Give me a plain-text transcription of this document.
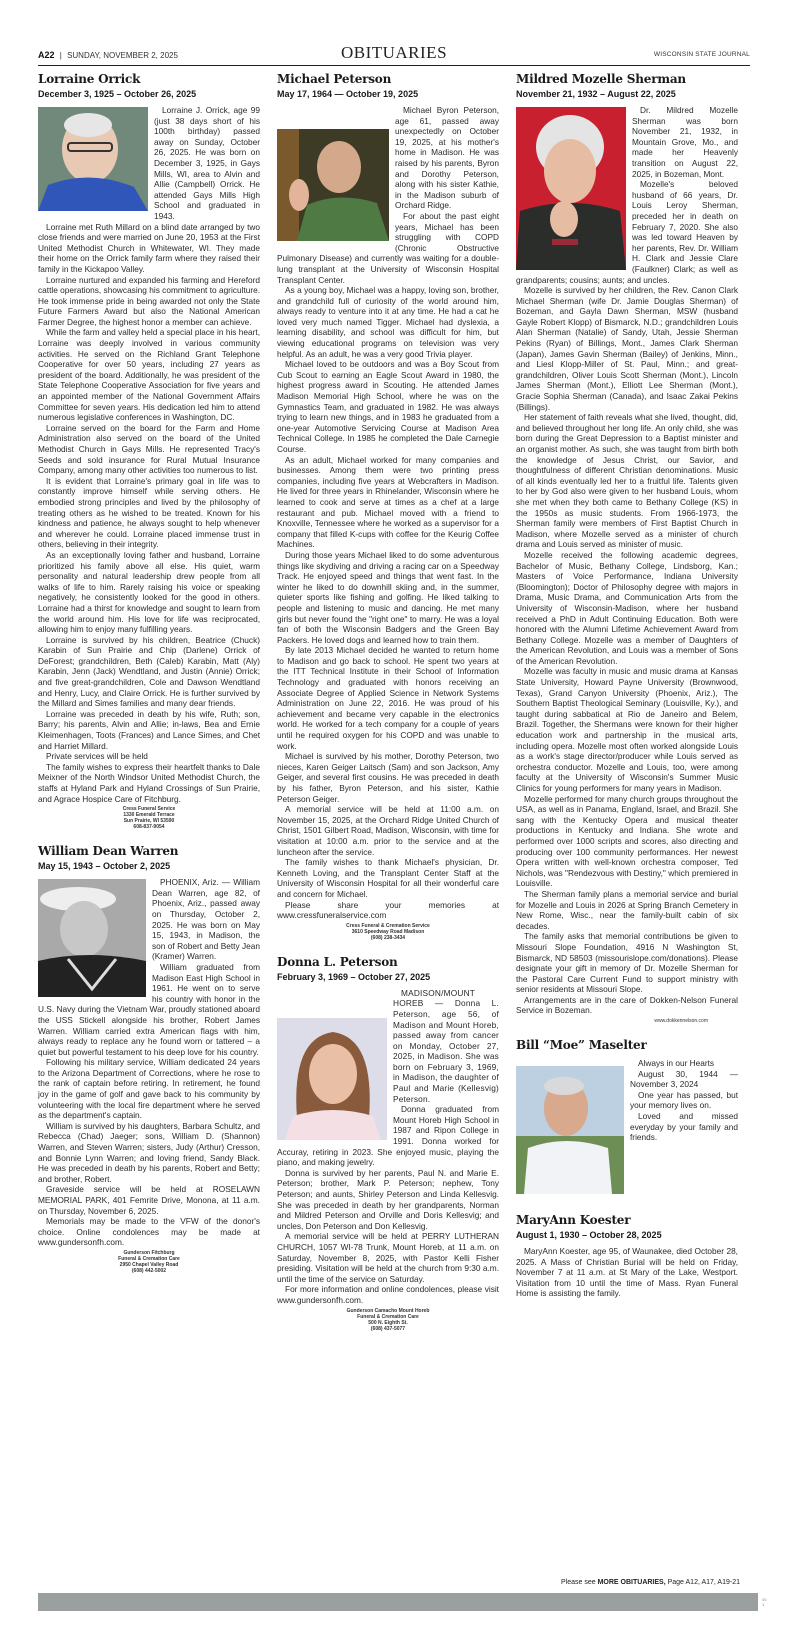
A22 | SUNDAY, NOVEMBER 2, 2025	OBITUARIES	WISCONSIN STATE JOURNAL
Lorraine Orrick
December 3, 1925 – October 26, 2025

Lorraine J. Orrick, age 99 (just 38 days short of his 100th birthday) passed away on Sunday, October 26, 2025. He was born on December 3, 1925, in Gays Mills, WI, area to Alvin and Allie (Campbell) Orrick. He attended Gays Mills High School and graduated in 1943.

Lorraine met Ruth Millard on a blind date arranged by two close friends and were married on June 20, 1953 at the First United Methodist Church in Whitewater, WI. They made their home on the Orrick family farm where they raised their family in the Kickapoo Valley.

Lorraine nurtured and expanded his farming and Hereford cattle operations, showcasing his commitment to agriculture. He took immense pride in being awarded not only the State Future Farmers Award but also the National American Farmer Degree, the highest honor a member can achieve.

While the farm and valley held a special place in his heart, Lorraine was deeply involved in various community activities. He served on the Richland Grant Telephone Cooperative for over 50 years, including 27 years as president of the board. Additionally, he was president of the State Telephone Cooperative Association for five years and an appointed member of the National Government Affairs Committee for seven years. His dedication led him to attend numerous legislative conferences in Washington, DC.

Lorraine served on the board for the Farm and Home Administration also served on the board of the United Methodist Church in Gays Mills. He represented Tracy's Seeds and sold insurance for Rural Mutual Insurance Company, among many other activities too numerous to list.

It is evident that Lorraine's primary goal in life was to constantly improve himself while serving others. He embodied strong principles and lived by the philosophy of treating others as he wished to be treated. Known for his kindness and patience, he always sought to help whenever and wherever he could. Lorraine placed immense trust in others, believing in their integrity.

As an exceptionally loving father and husband, Lorraine prioritized his family above all else. His quiet, warm personality and natural leadership drew people from all walks of life to him. Rarely raising his voice or speaking negatively, he consistently looked for the good in others. Lorraine had a thirst for knowledge and sought to learn from the world around him. His love for life was reciprocated, allowing him to enjoy many fulfilling years.

Lorraine is survived by his children, Beatrice (Chuck) Karabin of Sun Prairie and Chip (Darlene) Orrick of DeForest; grandchildren, Beth (Caleb) Karabin, Matt (Aly) Karabin, Jenn (Jack) Wendtland, and Justin (Annie) Orrick; and five great-grandchildren, Cole and Dawson Wendtland and Henry, Lucy, and Claire Orrick. He is further survived by the Millard and Simes families and many dear friends.

Lorraine was preceded in death by his wife, Ruth; son, Barry; his parents, Alvin and Allie; in-laws, Bea and Ernie Kleimenhagen, Toots (Frances) and Lance Simes, and Chet and Harriet Millard.

Private services will be held

The family wishes to express their heartfelt thanks to Dale Meixner of the North Windsor United Methodist Church, the staffs at Hyland Park and Hyland Crossings of Sun Prairie, and Agrace Hospice Care of Fitchburg.

Cress Funeral Service
1330 Emerald Terrace
Sun Prairie, WI 53590
608-837-9054
William Dean Warren
May 15, 1943 – October 2, 2025

PHOENIX, Ariz. — William Dean Warren, age 82, of Phoenix, Ariz., passed away on Thursday, October 2, 2025. He was born on May 15, 1943, in Madison, the son of Robert and Betty Jean (Kramer) Warren.

William graduated from Madison East High School in 1961. He went on to serve his country with honor in the U.S. Navy during the Vietnam War, proudly stationed aboard the USS Stickell alongside his brother, Robert James Warren. William carried extra American flags with him, always ready to replace any he found worn or tattered – a quiet but powerful testament to his deep love for his country.

Following his military service, William dedicated 24 years to the Arizona Department of Corrections, where he rose to the rank of captain before retiring. In retirement, he found joy in the game of golf and gave back to his community by volunteering with the local fire department where he served as the department's captain.

William is survived by his daughters, Barbara Schultz, and Rebecca (Chad) Jaeger; sons, William D. (Shannon) Warren, and Steven Warren; sisters, Judy (Arthur) Cresson, and Bonnie Lynn Warren; and loving friend, Sandy Black. He was preceded in death by his parents, Robert and Betty; and brother, Robert.

Graveside service will be held at ROSELAWN MEMORIAL PARK, 401 Femrite Drive, Monona, at 11 a.m. on Thursday, November 6, 2025.

Memorials may be made to the VFW of the donor's choice. Online condolences may be made at www.gundersonfh.com.

Gunderson Fitchburg
Funeral & Cremation Care
2950 Chapel Valley Road
(608) 442-5002
Michael Peterson
May 17, 1964 — October 19, 2025

Michael Byron Peterson, age 61, passed away unexpectedly on October 19, 2025, at his mother's home in Madison. He was raised by his parents, Byron and Dorothy Peterson, along with his sister Kathie, in the Madison suburb of Orchard Ridge.

For about the past eight years, Michael has been struggling with COPD (Chronic Obstructive Pulmonary Disease) and currently was waiting for a double-lung transplant at the University of Wisconsin Hospital Transplant Center.

As a young boy, Michael was a happy, loving son, brother, and grandchild full of curiosity of the world around him, always ready to venture into it at any time. He had a cat he loved very much named Tigger. Michael had dyslexia, a learning disability, and school was difficult for him, but viewing educational programs on television was very helpful. As an adult, he was a very good Trivia player.

Michael loved to be outdoors and was a Boy Scout from Cub Scout to earning an Eagle Scout Award in 1980, the highest progress award in Scouting. He attended James Madison Memorial High School, where he was on the Gymnastics Team, and graduated in 1982. He was always trying to learn new things, and in 1983 he graduated from a one-year Automotive Servicing Course at Madison Area Technical College. In 1985 he completed the Dale Carnegie Course.

As an adult, Michael worked for many companies and businesses. Among them were two printing press companies, including five years at Webcrafters in Madison. He lived for three years in Rhinelander, Wisconsin where he learned to cook and serve at times as a chef at a large restaurant and pub. Michael moved with a friend to Knoxville, Tennessee where he worked as a supervisor for a company that filled K-cups with coffee for the Keurig Coffee Machines.

During those years Michael liked to do some adventurous things like skydiving and driving a racing car on a Speedway Track. He enjoyed speed and things that went fast. In the winter he liked to do downhill skiing and, in the summer, quieter sports like fishing and golfing. He liked talking to people and listening to music and dancing. He met many girls but never found the "right one" to marry. He was a loyal fan of both the Wisconsin Badgers and the Green Bay Packers. He loved dogs and learned how to train them.

By late 2013 Michael decided he wanted to return home to Madison and go back to school. He spent two years at the ITT Technical Institute in their School of Information Technology and graduated with honors receiving an Associate Degree of Applied Science in Network Systems Administration on June 22, 2016. He was proud of his achievement and became very capable in the electronics world. He worked for a tech company for a couple of years until he required oxygen for his COPD and was unable to work.

Michael is survived by his mother, Dorothy Peterson, two nieces, Karen Geiger Laitsch (Sam) and son Jackson, Amy Geiger, and several first cousins. He was preceded in death by his father, Byron Peterson, and his sister, Kathie Peterson Geiger.

A memorial service will be held at 11:00 a.m. on November 15, 2025, at the Orchard Ridge United Church of Christ, 1501 Gilbert Road, Madison, Wisconsin, with time for visitation at 10:00 a.m. prior to the service and at the luncheon after the service.

The family wishes to thank Michael's physician, Dr. Kenneth Loving, and the Transplant Center Staff at the University of Wisconsin Hospital for all their wonderful care and concern for Michael.

Please share your memories at www.cressfuneralservice.com

Cress Funeral & Cremation Service
3610 Speedway Road Madison
(608) 238-3434
Donna L. Peterson
February 3, 1969 – October 27, 2025

MADISON/MOUNT HOREB — Donna L. Peterson, age 56, of Madison and Mount Horeb, passed away from cancer on Monday, October 27, 2025, in Madison. She was born on February 3, 1969, in Madison, the daughter of Paul and Marie (Kellesvig) Peterson.

Donna graduated from Mount Horeb High School in 1987 and Ripon College in 1991. Donna worked for Accuray, retiring in 2023. She enjoyed music, playing the piano, and making jewelry.

Donna is survived by her parents, Paul N. and Marie E. Peterson; brother, Mark P. Peterson; nephew, Tony Peterson; and aunts, Shirley Peterson and Linda Kellesvig. She was preceded in death by her grandparents, Norman and Mildred Peterson and Orville and Doris Kellesvig; and uncles, Don Peterson and Don Kellesvig.

A memorial service will be held at PERRY LUTHERAN CHURCH, 1057 WI-78 Trunk, Mount Horeb, at 11 a.m. on Saturday, November 8, 2025, with Pastor Kelli Fisher presiding. Visitation will be held at the church from 9:30 a.m. until the time of the service on Saturday.

For more information and online condolences, please visit www.gundersonfh.com.

Gunderson Camacho Mount Horeb
Funeral & Cremation Care
500 N. Eighth St.
(608) 437-5077
Mildred Mozelle Sherman
November 21, 1932 – August 22, 2025

Dr. Mildred Mozelle Sherman was born November 21, 1932, in Mountain Grove, Mo., and made her Heavenly transition on August 22, 2025, in Bozeman, Mont.

Mozelle's beloved husband of 66 years, Dr. Louis Leroy Sherman, preceded her in death on February 7, 2020. She also was led toward Heaven by her parents, Rev. Dr. William H. Clark and Jessie Clare (Faulkner) Clark; as well as grandparents; cousins; aunts; and uncles.

Mozelle is survived by her children, the Rev. Canon Clark Michael Sherman (wife Dr. Jamie Douglas Sherman) of Bozeman, and Gayla Dawn Sherman, MSW (husband Gayle Robert Klopp) of Bismarck, N.D.; grandchildren Louis Alan Sherman (Natalie) of Sandy, Utah, Jessie Sherman Pekins (Ryan) of Billings, Mont., James Clark Sherman (Japan), James Gavin Sherman (Bailey) of Jenkins, Minn., and Liesl Klopp-Miller of St. Paul, Minn.; and great-grandchildren, Oliver Louis Scott Sherman (Mont.), Lincoln James Sherman (Mont.), Elliott Lee Sherman (Mont.), Gracie Sophia Sherman (Canada), and Isaac Zakai Pekins (Billings).

Her statement of faith reveals what she lived, thought, did, and believed throughout her long life. An only child, she was born during the Great Depression to a Baptist minister and an organist mother. As such, she was taught from birth both the knowledge of Jesus Christ, our Savior, and thoughtfulness of different Christian denominations. Music of all kinds eventually led her to a fruitful life. Talents given to her by God also were given to her husband Louis, whom she met when they both came to Bethany College (KS) in the 1950s as music students. From 1966-1973, the Sherman family were members of First Baptist Church in Madison, where Mozelle served as a minister of church drama and Louis served as minister of music.

Mozelle received the following academic degrees, Bachelor of Music, Bethany College, Lindsborg, Kan.; Masters of Voice Performance, Indiana University (Bloomington); Doctor of Philosophy degree with majors in Drama, Music Drama, and Communication Arts from the University of Wisconsin-Madison, where her husband received a PhD in Adult Continuing Education. Both were honored with the Alumni Lifetime Achievement Award from Bethany College. Mozelle was a member of Daughters of the American Revolution, and Louis was a member of Sons of the American Revolution.

Mozelle was faculty in music and music drama at Kansas State University, Howard Payne University (Brownwood, Texas), Grand Canyon University (Phoenix, Ariz.), The Southern Baptist Theological Seminary (Louisville, Ky.), and taught during sabbatical at Rio de Janeiro and Belem, Brazil. Together, the Shermans were known for their higher education work and partnership in the musical arts, including opera. Mozelle most often worked alongside Louis as a work's stage director/producer while Louis served as orchestra conductor. Mozelle and Louis, too, were among faculty at the University of Wisconsin's Summer Music Clinics for young performers for many years in Madison.

Mozelle performed for many church groups throughout the USA, as well as in Panama, England, Israel, and Brazil. She sang with the Kentucky Opera and musical theater productions in Kentucky and Indiana. She wrote and performed over 1000 scripts and scores, also directing and producing over 100 community performances. Her newest Opera written with well-known orchestra composer, Ted Nichols, was "Rendezvous with Destiny," which premiered in Louisville.

The Sherman family plans a memorial service and burial for Mozelle and Louis in 2026 at Spring Branch Cemetery in New Rome, Wisc., near the family-built cabin of six decades.

The family asks that memorial contributions be given to Missouri Slope Foundation, 4916 N Washington St, Bismarck, ND 58503 (missourislope.com/donations). Please designate your gift in memory of Dr. Mozelle Sherman for the Pastoral Care Current Fund to support ministry with senior residents at Missouri Slope.

Arrangements are in the care of Dokken-Nelson Funeral Service in Bozeman.

www.dokkennelson.com
Bill “Moe” Maselter

Always in our Hearts

August 30, 1944 — November 3, 2024

One year has passed, but your memory lives on.

Loved and missed everyday by your family and friends.

MaryAnn Koester
August 1, 1930 – October 28, 2025

MaryAnn Koester, age 95, of Waunakee, died October 28, 2025. A Mass of Christian Burial will be held on Friday, November 7 at 11 a.m. at St Mary of the Lake, Westport. Visitation from 10 until the time of Mass. Ryan Funeral Home is assisting the family.

Please see MORE OBITUARIES, Page A12, A17, A19-21
00
1
